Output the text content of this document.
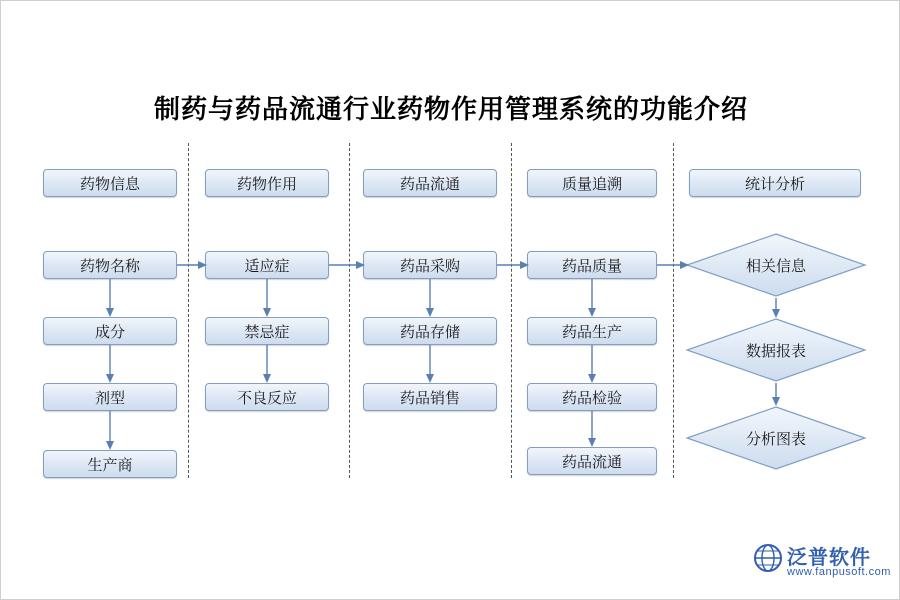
制药与药品流通行业药物作用管理系统的功能介绍
药物信息
药物名称
成分
剂型
生产商
药物作用
适应症
禁忌症
不良反应
药品流通
药品采购
药品存储
药品销售
质量追溯
药品质量
药品生产
药品检验
药品流通
统计分析
相关信息
数据报表
分析图表
泛普软件
www.fanpusoft.com
